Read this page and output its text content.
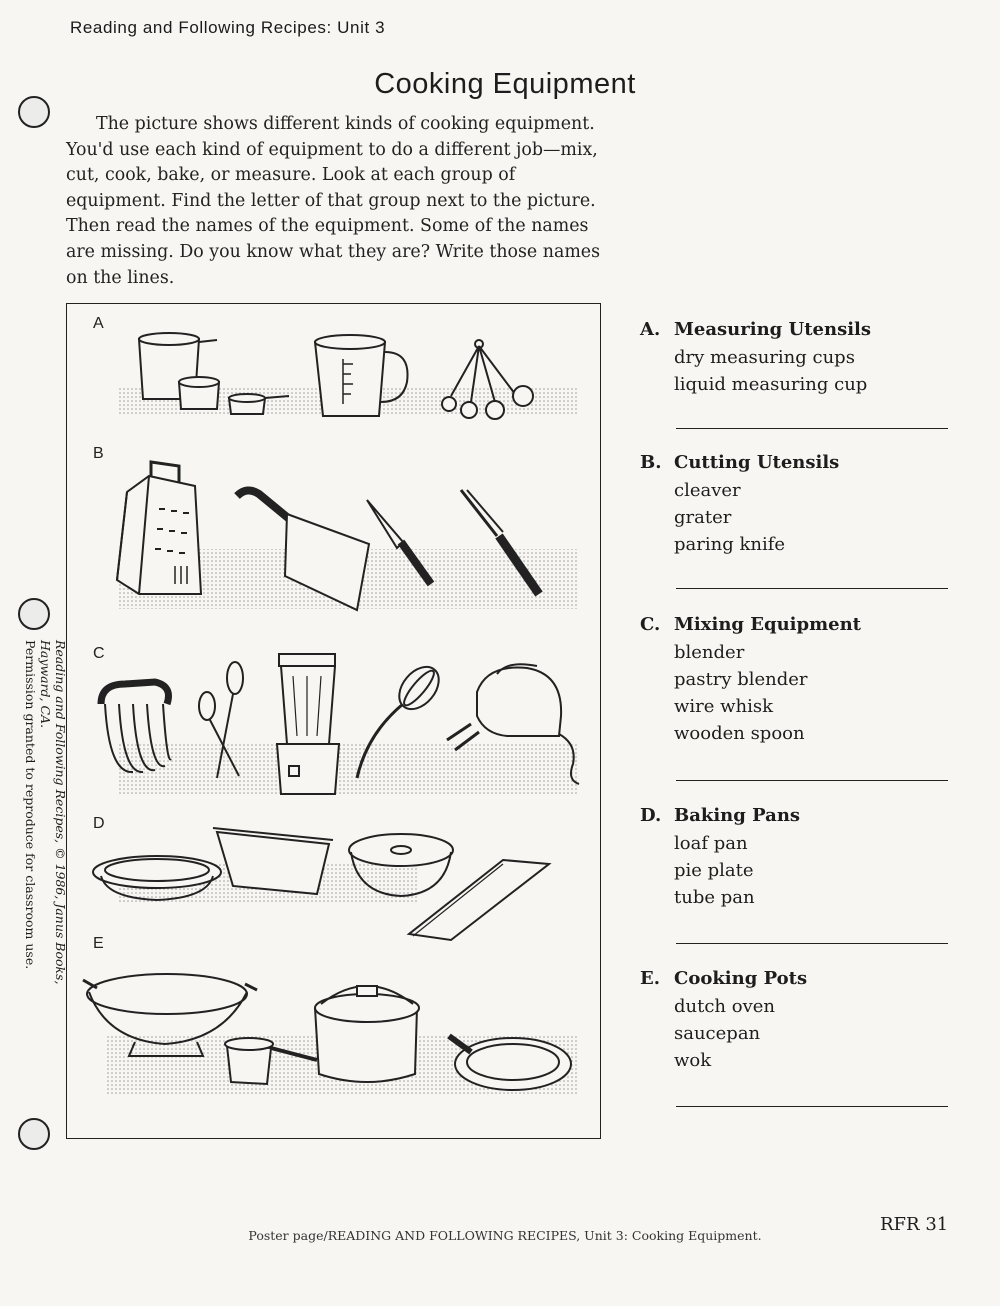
Reading and Following Recipes: Unit 3
Cooking Equipment
The picture shows different kinds of cooking equipment. You'd use each kind of equipment to do a different job—mix, cut, cook, bake, or measure. Look at each group of equipment. Find the letter of that group next to the picture. Then read the names of the equipment. Some of the names are missing. Do you know what they are? Write those names on the lines.
A
B
C
D
E
A. Measuring Utensils
dry measuring cups
liquid measuring cup
B. Cutting Utensils
cleaver
grater
paring knife
C. Mixing Equipment
blender
pastry blender
wire whisk
wooden spoon
D. Baking Pans
loaf pan
pie plate
tube pan
E. Cooking Pots
dutch oven
saucepan
wok
Reading and Following Recipes, © 1986, Janus Books, Hayward, CA.
Permission granted to reproduce for classroom use.
Poster page/READING AND FOLLOWING RECIPES, Unit 3: Cooking Equipment.
RFR 31
